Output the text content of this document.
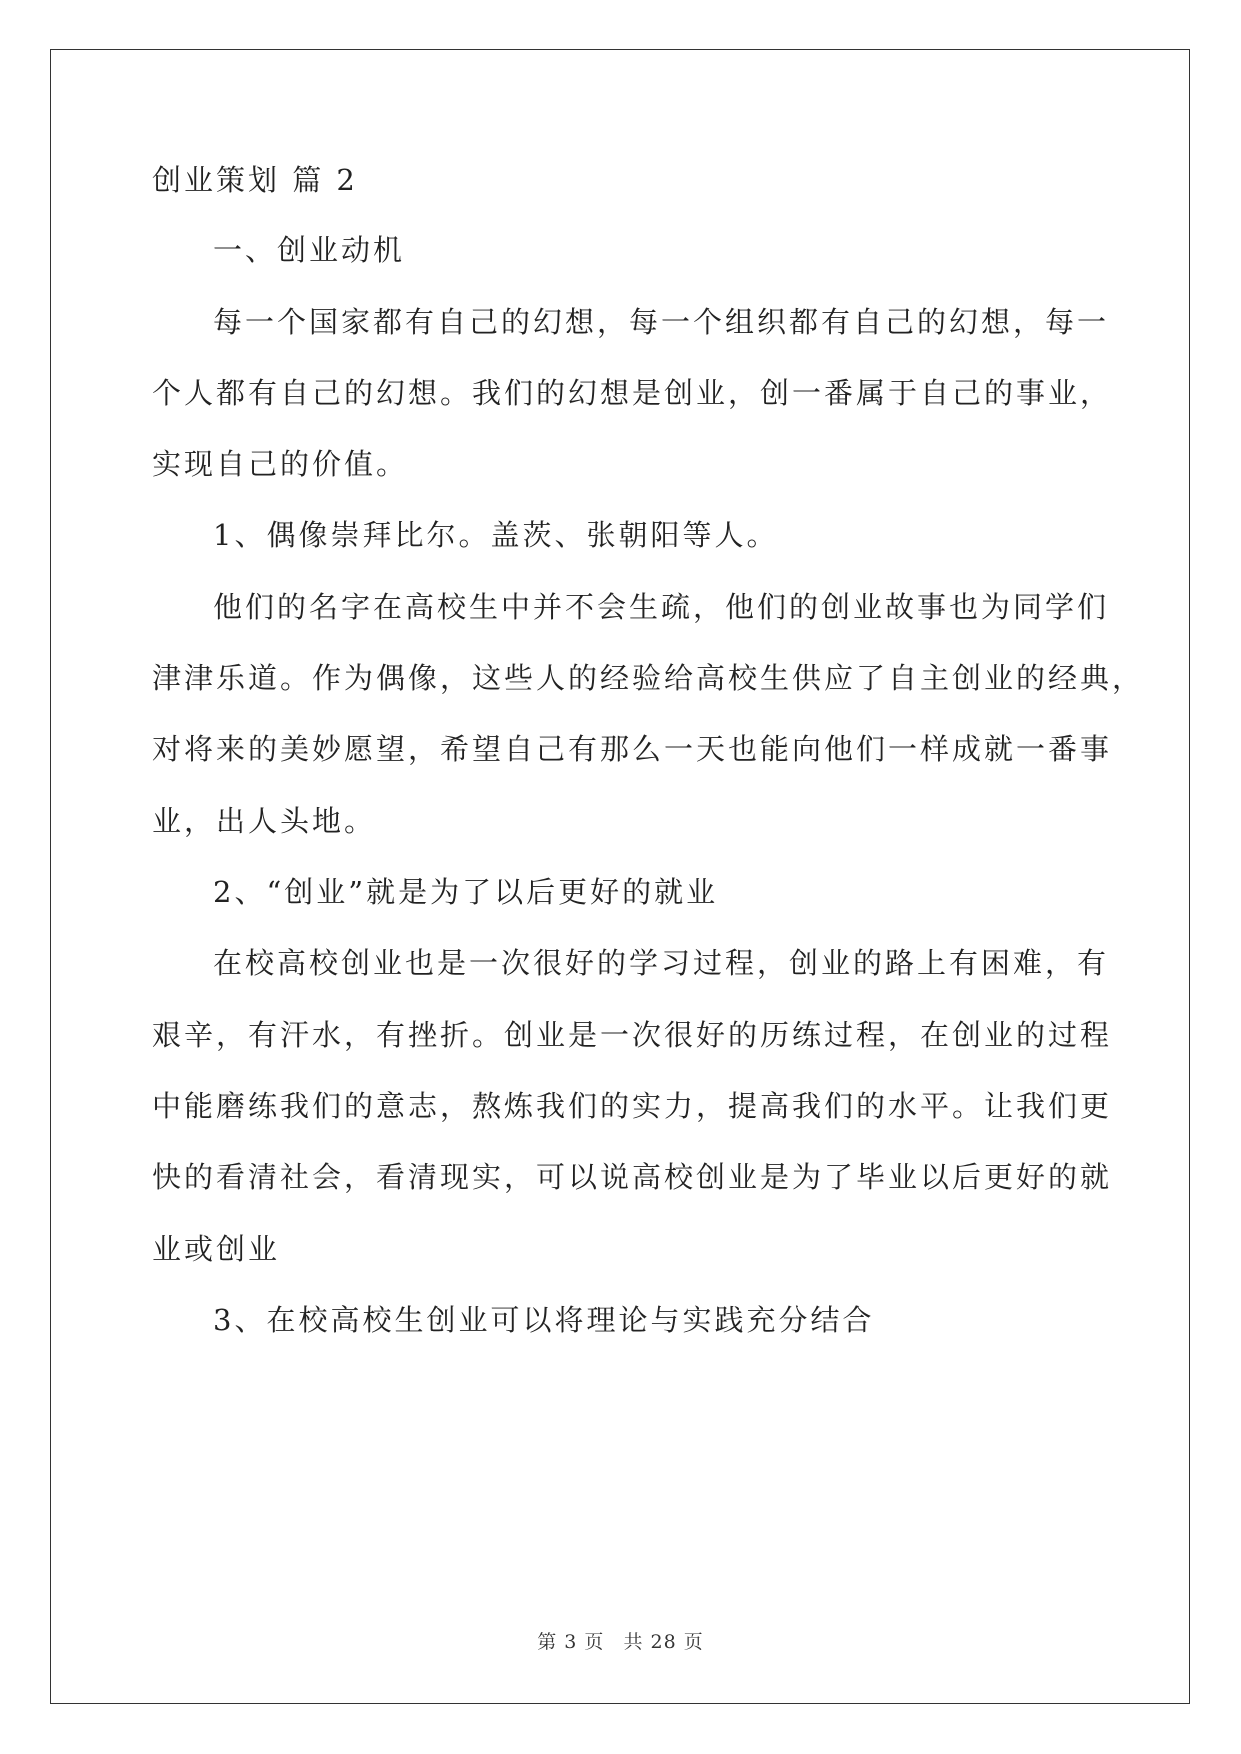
创业策划 篇 2
一、创业动机
每一个国家都有自己的幻想，每一个组织都有自己的幻想，每一
个人都有自己的幻想。我们的幻想是创业，创一番属于自己的事业，
实现自己的价值。
1、偶像崇拜比尔。盖茨、张朝阳等人。
他们的名字在高校生中并不会生疏，他们的创业故事也为同学们
津津乐道。作为偶像，这些人的经验给高校生供应了自主创业的经典，
对将来的美妙愿望，希望自己有那么一天也能向他们一样成就一番事
业，出人头地。
2、“创业”就是为了以后更好的就业
在校高校创业也是一次很好的学习过程，创业的路上有困难，有
艰辛，有汗水，有挫折。创业是一次很好的历练过程，在创业的过程
中能磨练我们的意志，熬炼我们的实力，提高我们的水平。让我们更
快的看清社会，看清现实，可以说高校创业是为了毕业以后更好的就
业或创业
3、在校高校生创业可以将理论与实践充分结合
第 3 页 共 28 页
